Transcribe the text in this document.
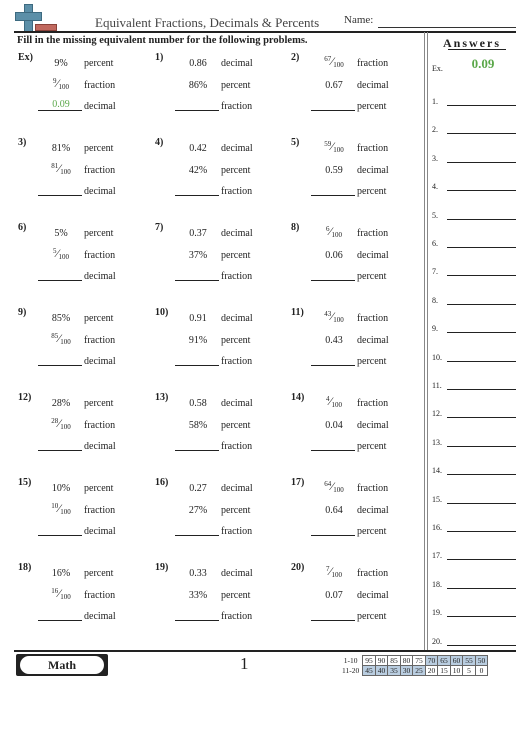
Equivalent Fractions, Decimals & Percents Name:
Fill in the missing equivalent number for the following problems.	Answers
Ex.	0.09
1.
2.
3.
4.
5.
6.
7.
8.
9.
10.
11.
12.
13.
14.
15.
16.
17.
18.
19.
20.
Ex)
9%	percent
$^9⁄_{100}$	fraction
0.09	decimal
1)
0.86	decimal
86%	percent
fraction
2)	$^{67}⁄_{100}$	fraction
0.67	decimal
percent
3)
81%	percent
$^{81}⁄_{100}$	fraction
decimal
4)
0.42	decimal
42%	percent
fraction
5)	$^{59}⁄_{100}$	fraction
0.59	decimal
percent
6)
5%	percent
$^5⁄_{100}$	fraction
decimal
7)
0.37	decimal
37%	percent
fraction
8)	$^6⁄_{100}$	fraction
0.06	decimal
percent
9)
85%	percent
$^{85}⁄_{100}$	fraction
decimal
10)
0.91	decimal
91%	percent
fraction
11)	$^{43}⁄_{100}$	fraction
0.43	decimal
percent
12)
28%	percent
$^{28}⁄_{100}$	fraction
decimal
13)
0.58	decimal
58%	percent
fraction
14)	$^4⁄_{100}$	fraction
0.04	decimal
percent
15)
10%	percent
$^{10}⁄_{100}$	fraction
decimal
16)
0.27	decimal
27%	percent
fraction
17)	$^{64}⁄_{100}$	fraction
0.64	decimal
percent
18)
16%	percent
$^{16}⁄_{100}$	fraction
decimal
19)
0.33	decimal
33%	percent
fraction
20)	$^7⁄_{100}$	fraction
0.07	decimal
percent
Math	1	1-10	95	90	85	80	75	70	65	60	55	50
11-20	45	40	35	30	25	20	15	10	5	0
